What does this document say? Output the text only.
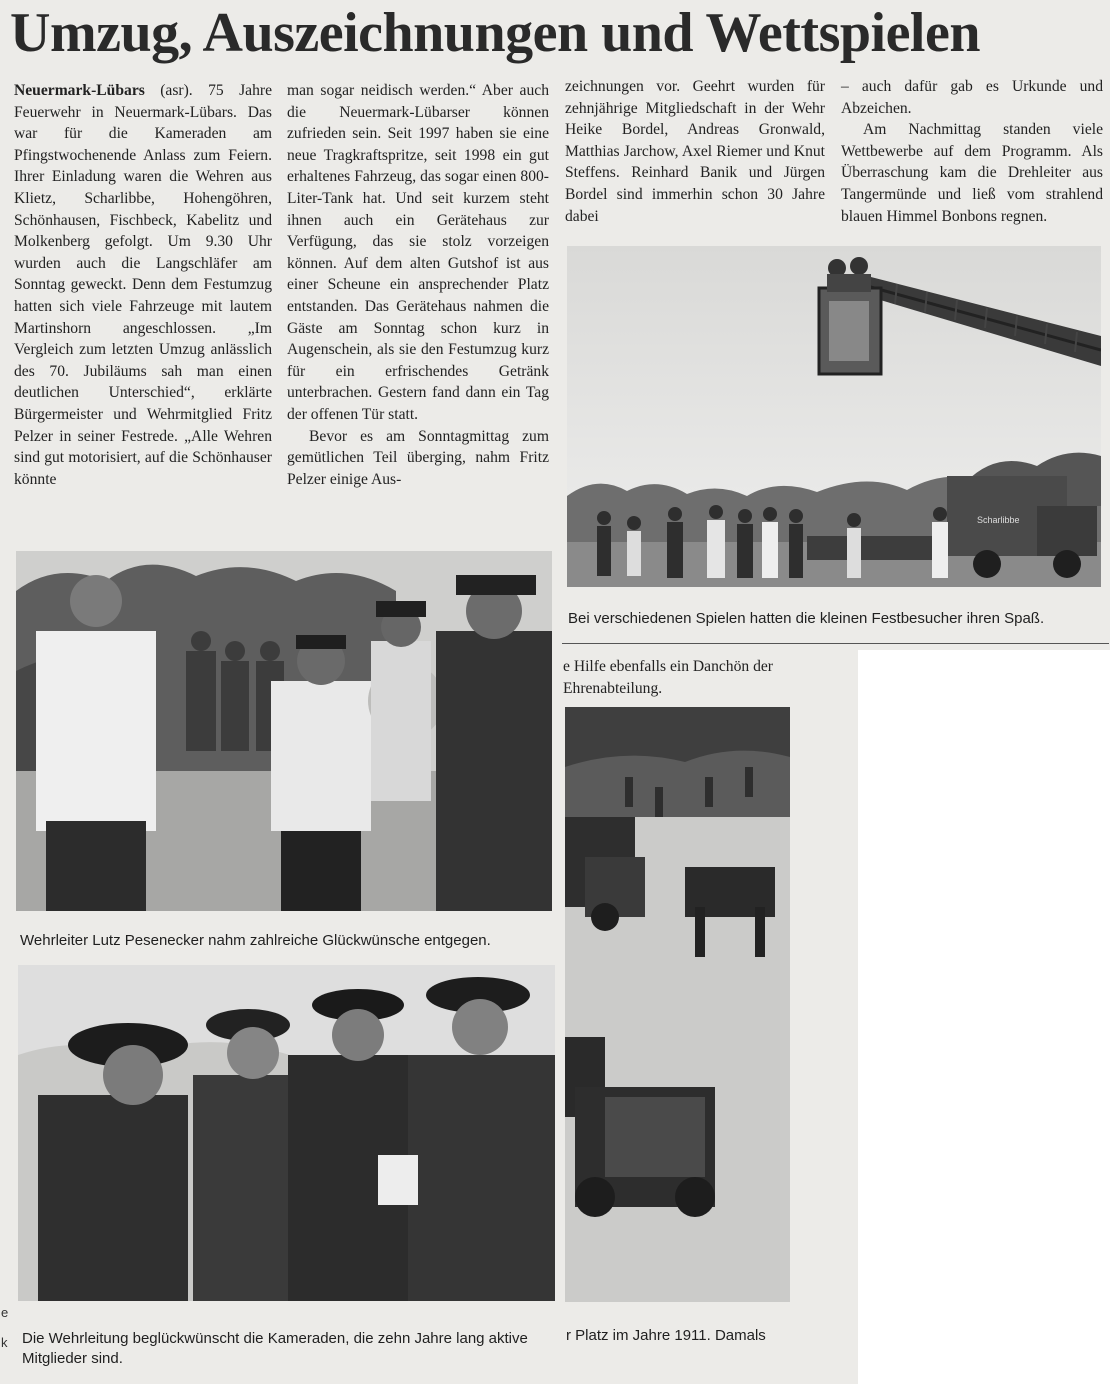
Umzug, Auszeichnungen und Wettspielen

Neuermark-Lübars (asr). 75 Jahre Feuerwehr in Neuermark-Lübars. Das war für die Kameraden am Pfingstwochenende Anlass zum Feiern. Ihrer Einladung waren die Wehren aus Klietz, Scharlibbe, Hohengöhren, Schönhausen, Fischbeck, Kabelitz und Molkenberg gefolgt. Um 9.30 Uhr wurden auch die Langschläfer am Sonntag geweckt. Denn dem Festumzug hatten sich viele Fahrzeuge mit lautem Martinshorn angeschlossen. „Im Vergleich zum letzten Umzug anlässlich des 70. Jubiläums sah man einen deutlichen Unterschied“, erklärte Bürgermeister und Wehrmitglied Fritz Pelzer in seiner Festrede. „Alle Wehren sind gut motorisiert, auf die Schönhauser könnte

man sogar neidisch werden.“ Aber auch die Neuermark-Lübarser können zufrieden sein. Seit 1997 haben sie eine neue Tragkraftspritze, seit 1998 ein gut erhaltenes Fahrzeug, das sogar einen 800-Liter-Tank hat. Und seit kurzem steht ihnen auch ein Gerätehaus zur Verfügung, das sie stolz vorzeigen können. Auf dem alten Gutshof ist aus einer Scheune ein ansprechender Platz entstanden. Das Gerätehaus nahmen die Gäste am Sonntag schon kurz in Augenschein, als sie den Festumzug kurz für ein erfrischendes Getränk unterbrachen. Gestern fand dann ein Tag der offenen Tür statt.

Bevor es am Sonntagmittag zum gemütlichen Teil überging, nahm Fritz Pelzer einige Aus-

zeichnungen vor. Geehrt wurden für zehnjährige Mitgliedschaft in der Wehr Heike Bordel, Andreas Gronwald, Matthias Jarchow, Axel Riemer und Knut Steffens. Reinhard Banik und Jürgen Bordel sind immerhin schon 30 Jahre dabei

– auch dafür gab es Urkunde und Abzeichen.

Am Nachmittag standen viele Wettbewerbe auf dem Programm. Als Überraschung kam die Drehleiter aus Tangermünde und ließ vom strahlend blauen Himmel Bonbons regnen.

Scharlibbe
Bei verschiedenen Spielen hatten die kleinen Festbesucher ihren Spaß.
Wehrleiter Lutz Pesenecker nahm zahlreiche Glückwünsche entgegen.
e Hilfe ebenfalls ein Danchön der Ehrenabteilung.
Die Wehrleitung beglückwünscht die Kameraden, die zehn Jahre lang aktive Mitglieder sind.
r Platz im Jahre 1911. Damals
e
k
